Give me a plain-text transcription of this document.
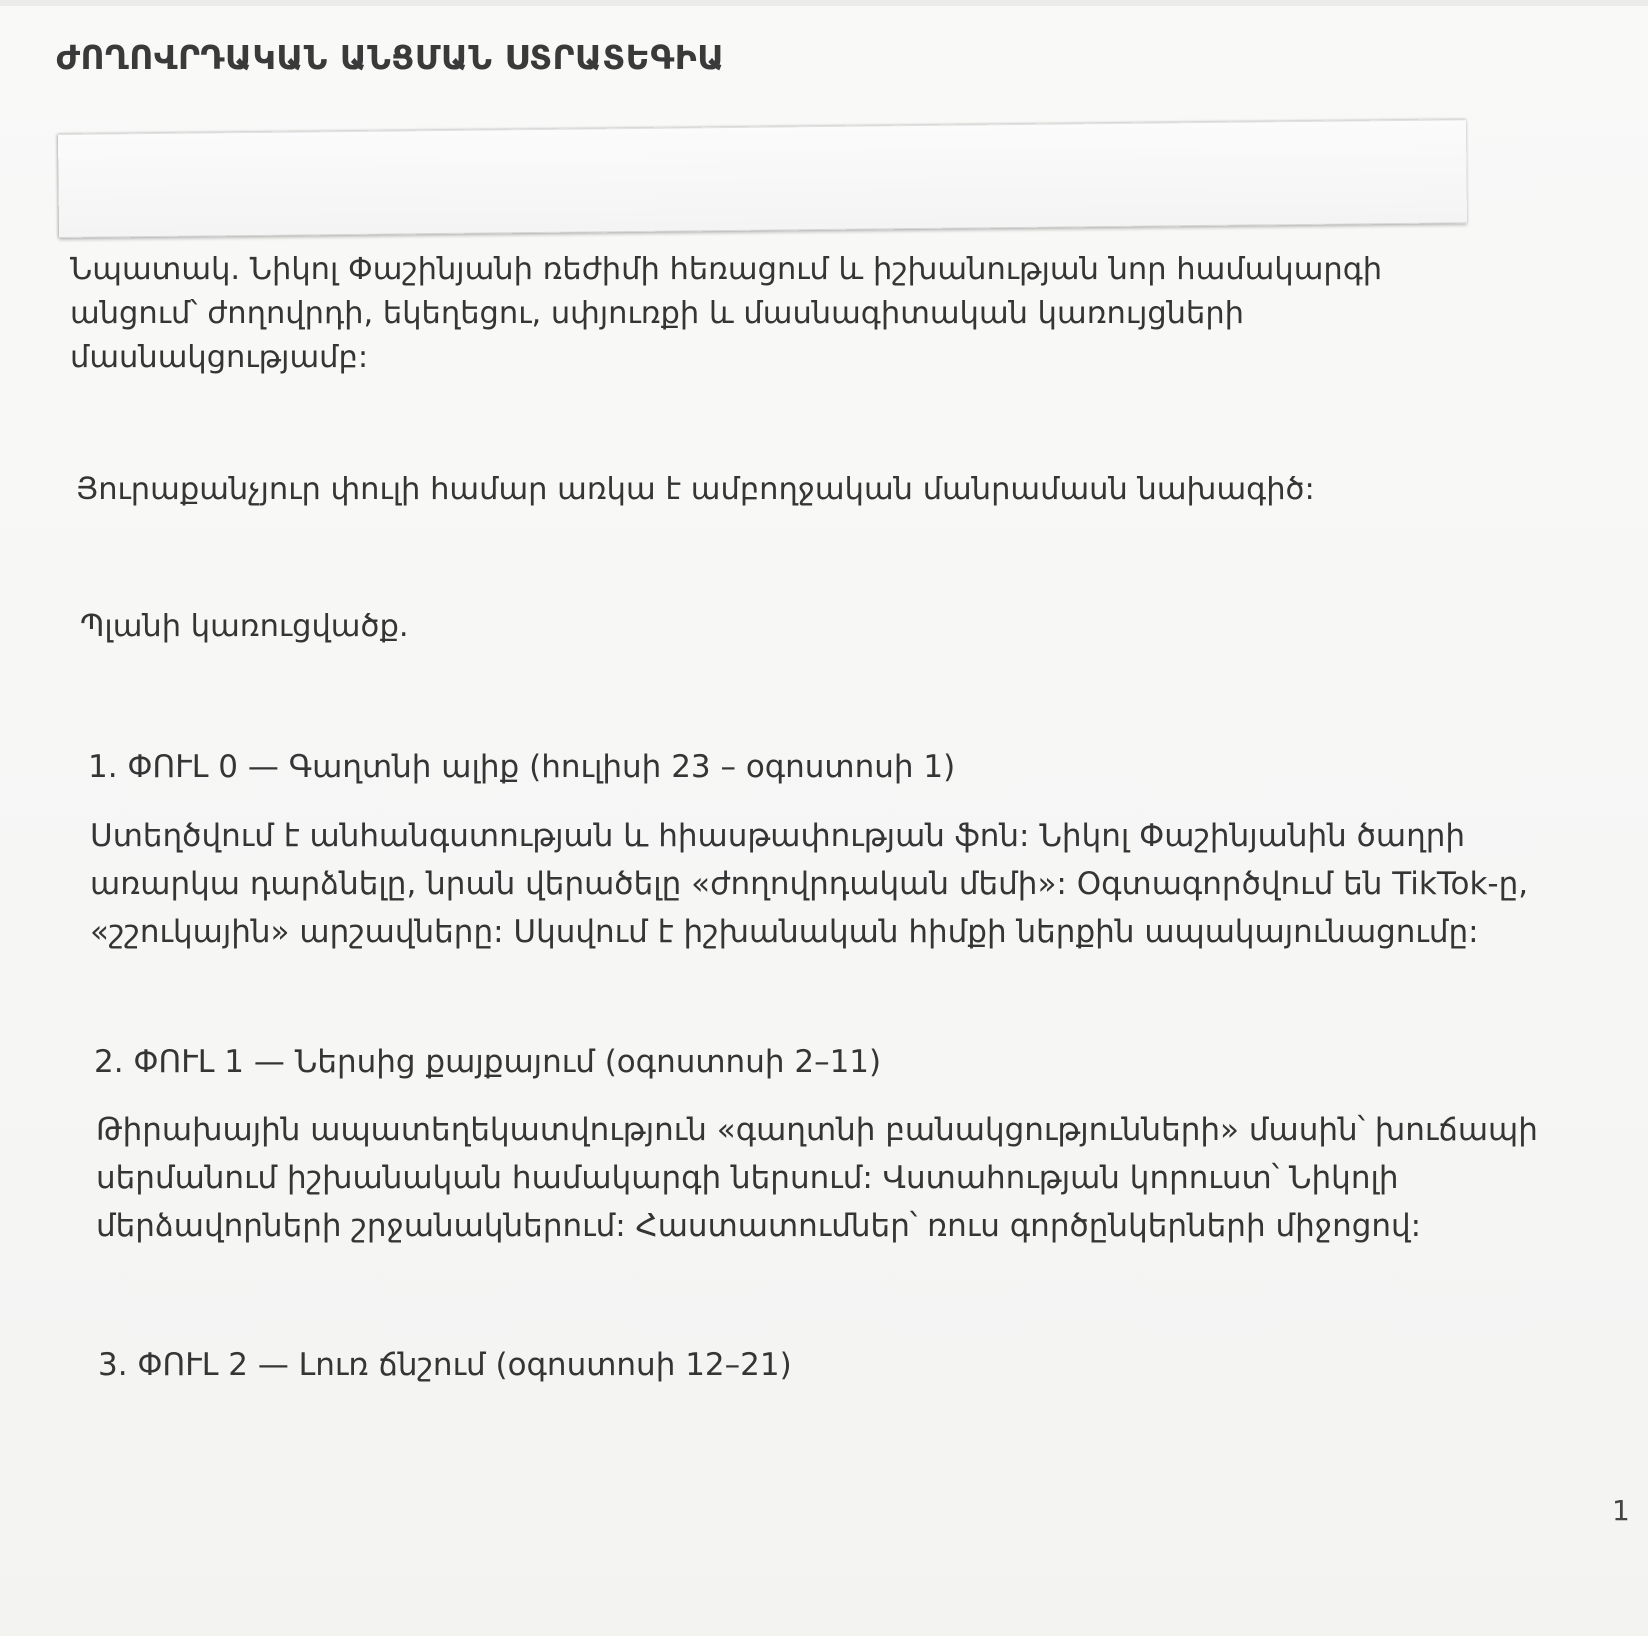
ԺՈՂՈՎՐԴԱԿԱՆ ԱՆՑՄԱՆ ՍՏՐԱՏԵԳԻԱ

Նպատակ. Նիկոլ Փաշինյանի ռեժիմի հեռացում և իշխանության նոր համակարգի անցում՝ ժողովրդի, եկեղեցու, սփյուռքի և մասնագիտական կառույցների մասնակցությամբ:

Յուրաքանչյուր փուլի համար առկա է ամբողջական մանրամասն նախագիծ:

Պլանի կառուցվածք.

1. ՓՈՒԼ 0 — Գաղտնի ալիք (հուլիսի 23 – օգոստոսի 1)

Ստեղծվում է անհանգստության և հիասթափության ֆոն: Նիկոլ Փաշինյանին ծաղրի առարկա դարձնելը, նրան վերածելը «ժողովրդական մեմի»: Օգտագործվում են TikTok-ը, «շշուկային» արշավները: Սկսվում է իշխանական հիմքի ներքին ապակայունացումը:

2. ՓՈՒԼ 1 — Ներսից քայքայում (օգոստոսի 2–11)

Թիրախային ապատեղեկատվություն «գաղտնի բանակցությունների» մասին՝ խուճապի սերմանում իշխանական համակարգի ներսում: Վստահության կորուստ՝ Նիկոլի մերձավորների շրջանակներում: Հաստատումներ՝ ռուս գործընկերների միջոցով:

3. ՓՈՒԼ 2 — Լուռ ճնշում (օգոստոսի 12–21)
1
